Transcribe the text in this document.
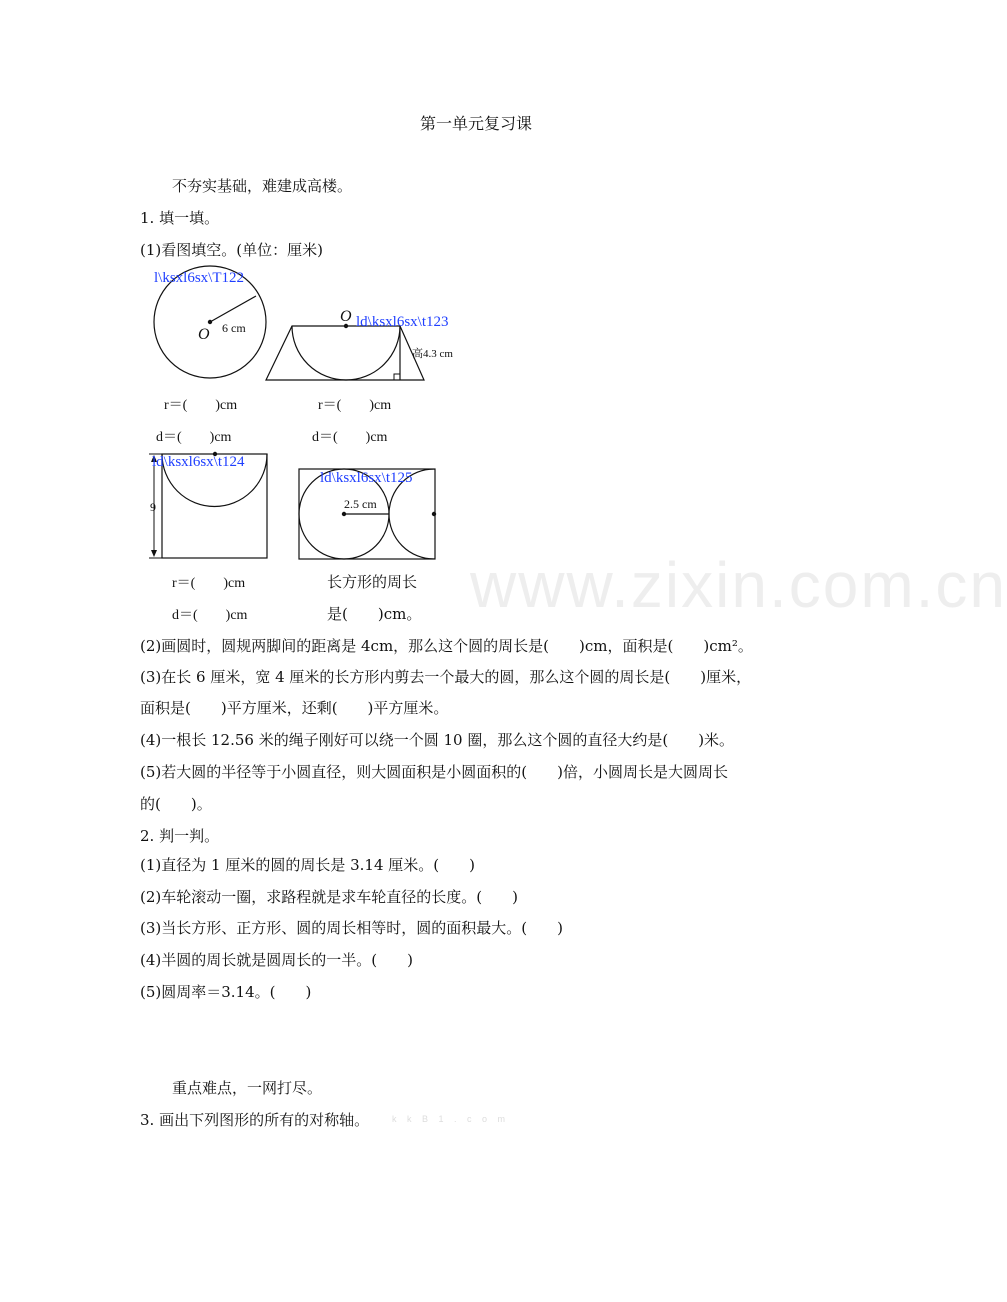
www.zixin.com.cn
第一单元复习课
不夯实基础，难建成高楼。
1. 填一填。
(1)看图填空。(单位：厘米)
l\ksxl6sx\T122
6 cm
O
ld\ksxl6sx\t123
O
高4.3 cm
r＝(　　)cm
d＝(　　)cm
r＝(　　)cm
d＝(　　)cm
ld\ksxl6sx\t124
9
ld\ksxl6sx\t125
2.5 cm
r＝(　　)cm
d＝(　　)cm
长方形的周长
是(　　)cm。
(2)画圆时，圆规两脚间的距离是 4cm，那么这个圆的周长是(　　)cm，面积是(　　)cm²。
(3)在长 6 厘米，宽 4 厘米的长方形内剪去一个最大的圆，那么这个圆的周长是(　　)厘米，
面积是(　　)平方厘米，还剩(　　)平方厘米。
(4)一根长 12.56 米的绳子刚好可以绕一个圆 10 圈，那么这个圆的直径大约是(　　)米。
(5)若大圆的半径等于小圆直径，则大圆面积是小圆面积的(　　)倍，小圆周长是大圆周长
的(　　)。
2. 判一判。
(1)直径为 1 厘米的圆的周长是 3.14 厘米。(　　)
(2)车轮滚动一圈，求路程就是求车轮直径的长度。(　　)
(3)当长方形、正方形、圆的周长相等时，圆的面积最大。(　　)
(4)半圆的周长就是圆周长的一半。(　　)
(5)圆周率＝3.14。(　　)
重点难点，一网打尽。
3. 画出下列图形的所有的对称轴。	k k B 1 . c o m
